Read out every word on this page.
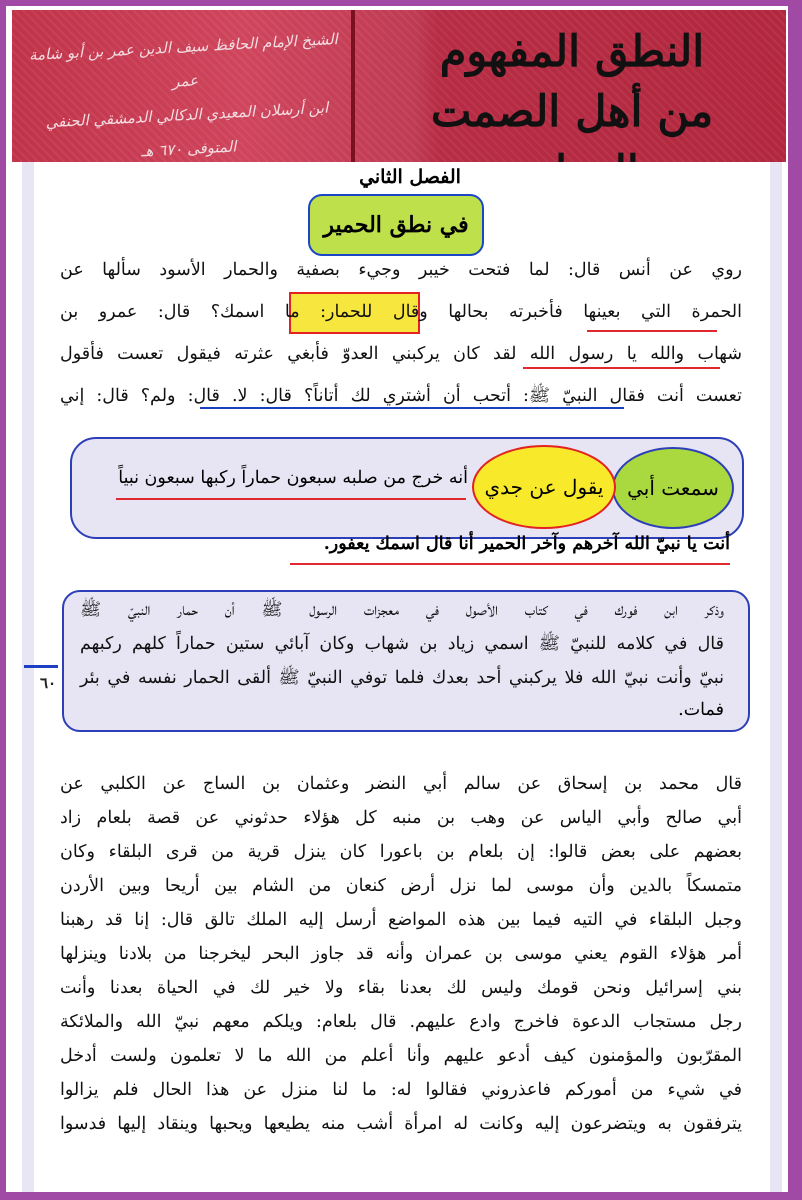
الشيخ الإمام الحافظ سيف الدين عمر بن أبو شامة عمر
ابن أرسلان المعيدي الدكالي الدمشقي الحنفي
المتوفى ٦٧٠ هـ
النطق المفهوم
من أهل الصمت
الفصل الثاني
في نطق الحمير
روي عن أنس قال: لما فتحت خيبر وجيء بصفية والحمار الأسود سألها عن
الحمرة التي بعينها فأخبرته بحالها وقال للحمار: ما اسمك؟ قال: عمرو بن
شهاب والله يا رسول الله لقد كان يركبني العدوّ فأبغي عثرته فيقول تعست فأقول
تعست أنت فقال النبيّ ﷺ: أتحب أن أشتري لك أتاناً؟ قال: لا. قال: ولم؟ قال: إني
سمعت أبي
يقول عن جدي
أنه خرج من صلبه سبعون حماراً ركبها سبعون نبياً
أنت يا نبيّ الله آخرهم وآخر الحمير أنا قال اسمك يعفور.
وذكر ابن فورك في كتاب الأصول في معجزات الرسول ﷺ أن حمار النبيّ ﷺ
قال في كلامه للنبيّ ﷺ اسمي زياد بن شهاب وكان آبائي ستين حماراً كلهم ركبهم
نبيّ وأنت نبيّ الله فلا يركبني أحد بعدك فلما توفي النبيّ ﷺ ألقى الحمار نفسه في بئر
فمات.
٦٠
قال محمد بن إسحاق عن سالم أبي النضر وعثمان بن الساج عن الكلبي عن
أبي صالح وأبي الياس عن وهب بن منبه كل هؤلاء حدثوني عن قصة بلعام زاد
بعضهم على بعض قالوا: إن بلعام بن باعورا كان ينزل قرية من قرى البلقاء وكان
متمسكاً بالدين وأن موسى لما نزل أرض كنعان من الشام بين أريحا وبين الأردن
وجبل البلقاء في التيه فيما بين هذه المواضع أرسل إليه الملك تالق قال: إنا قد رهبنا
أمر هؤلاء القوم يعني موسى بن عمران وأنه قد جاوز البحر ليخرجنا من بلادنا وينزلها
بني إسرائيل ونحن قومك وليس لك بعدنا بقاء ولا خير لك في الحياة بعدنا وأنت
رجل مستجاب الدعوة فاخرج وادع عليهم. قال بلعام: ويلكم معهم نبيّ الله والملائكة
المقرّبون والمؤمنون كيف أدعو عليهم وأنا أعلم من الله ما لا تعلمون ولست أدخل
في شيء من أموركم فاعذروني فقالوا له: ما لنا منزل عن هذا الحال فلم يزالوا
يترفقون به ويتضرعون إليه وكانت له امرأة أشب منه يطيعها ويحبها وينقاد إليها فدسوا
